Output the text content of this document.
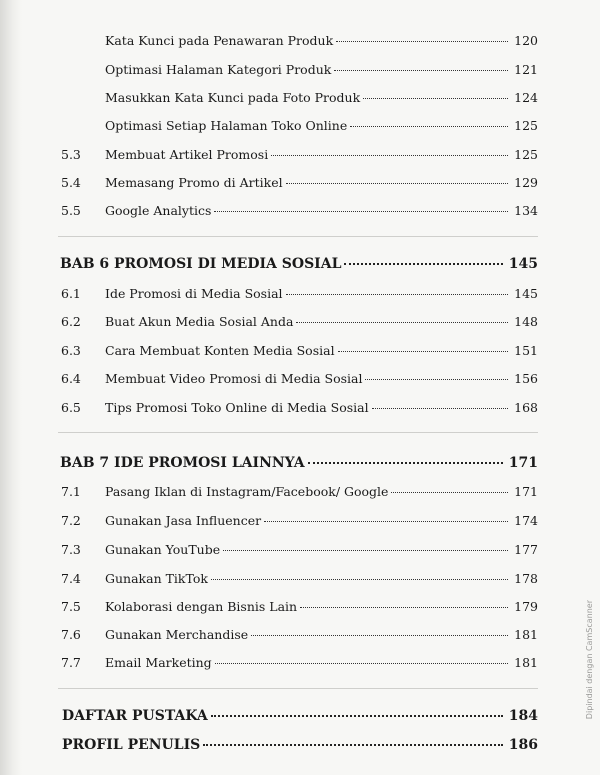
Kata Kunci pada Penawaran Produk	120
Optimasi Halaman Kategori Produk	121
Masukkan Kata Kunci pada Foto Produk	124
Optimasi Setiap Halaman Toko Online	125
5.3 Membuat Artikel Promosi	125
5.4 Memasang Promo di Artikel	129
5.5 Google Analytics	134
BAB 6 PROMOSI DI MEDIA SOSIAL	145
6.1 Ide Promosi di Media Sosial	145
6.2 Buat Akun Media Sosial Anda	148
6.3 Cara Membuat Konten Media Sosial	151
6.4 Membuat Video Promosi di Media Sosial	156
6.5 Tips Promosi Toko Online di Media Sosial	168
BAB 7 IDE PROMOSI LAINNYA	171
7.1 Pasang Iklan di Instagram/Facebook/ Google	171
7.2 Gunakan Jasa Influencer	174
7.3 Gunakan YouTube	177
7.4 Gunakan TikTok	178
7.5 Kolaborasi dengan Bisnis Lain	179
7.6 Gunakan Merchandise	181
7.7 Email Marketing	181
DAFTAR PUSTAKA	184
PROFIL PENULIS	186
Dipindai dengan CamScanner
